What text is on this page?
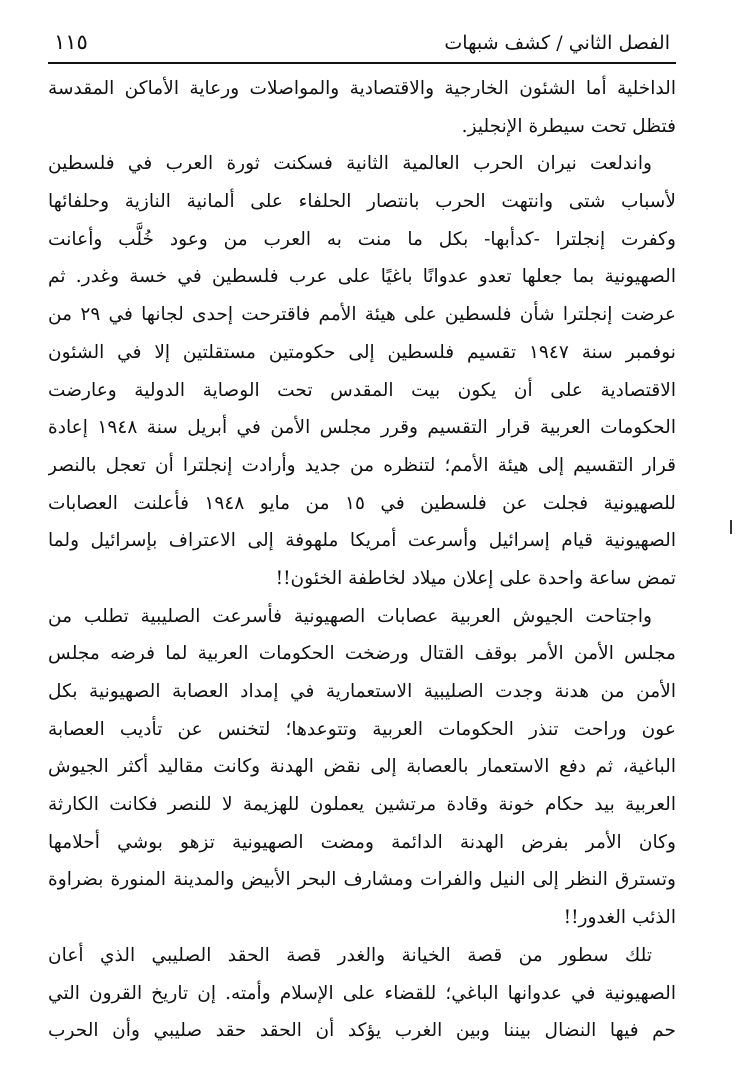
الفصل الثاني / كشف شبهات
١١٥

الداخلية أما الشئون الخارجية والاقتصادية والمواصلات ورعاية الأماكن المقدسة
فتظل تحت سيطرة الإنجليز.

واندلعت نيران الحرب العالمية الثانية فسكنت ثورة العرب في فلسطين
لأسباب شتى وانتهت الحرب بانتصار الحلفاء على ألمانية النازية وحلفائها
وكفرت إنجلترا -كدأبها- بكل ما منت به العرب من وعود خُلَّب وأعانت
الصهيونية بما جعلها تعدو عدوانًا باغيًا على عرب فلسطين في خسة وغدر. ثم
عرضت إنجلترا شأن فلسطين على هيئة الأمم فاقترحت إحدى لجانها في ٢٩ من
نوفمبر سنة ١٩٤٧ تقسيم فلسطين إلى حكومتين مستقلتين إلا في الشئون
الاقتصادية على أن يكون بيت المقدس تحت الوصاية الدولية وعارضت
الحكومات العربية قرار التقسيم وقرر مجلس الأمن في أبريل سنة ١٩٤٨ إعادة
قرار التقسيم إلى هيئة الأمم؛ لتنظره من جديد وأرادت إنجلترا أن تعجل بالنصر
للصهيونية فجلت عن فلسطين في ١٥ من مايو ١٩٤٨ فأعلنت العصابات
الصهيونية قيام إسرائيل وأسرعت أمريكا ملهوفة إلى الاعتراف بإسرائيل ولما
تمض ساعة واحدة على إعلان ميلاد لخاطفة الخئون!!

واجتاحت الجيوش العربية عصابات الصهيونية فأسرعت الصليبية تطلب من
مجلس الأمن الأمر بوقف القتال ورضخت الحكومات العربية لما فرضه مجلس
الأمن من هدنة وجدت الصليبية الاستعمارية في إمداد العصابة الصهيونية بكل
عون وراحت تنذر الحكومات العربية وتتوعدها؛ لتخنس عن تأديب العصابة
الباغية، ثم دفع الاستعمار بالعصابة إلى نقض الهدنة وكانت مقاليد أكثر الجيوش
العربية بيد حكام خونة وقادة مرتشين يعملون للهزيمة لا للنصر فكانت الكارثة
وكان الأمر بفرض الهدنة الدائمة ومضت الصهيونية تزهو بوشي أحلامها
وتسترق النظر إلى النيل والفرات ومشارف البحر الأبيض والمدينة المنورة بضراوة
الذئب الغدور!!

تلك سطور من قصة الخيانة والغدر قصة الحقد الصليبي الذي أعان
الصهيونية في عدوانها الباغي؛ للقضاء على الإسلام وأمته. إن تاريخ القرون التي
حم فيها النضال بيننا وبين الغرب يؤكد أن الحقد حقد صليبي وأن الحرب
